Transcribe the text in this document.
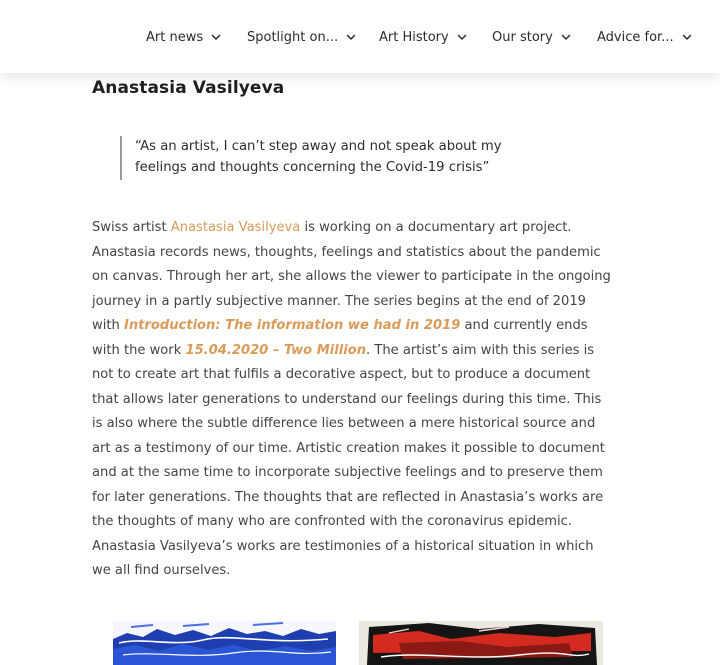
Art news	Spotlight on...	Art History	Our story	Advice for...
Anastasia Vasilyeva
“As an artist, I can’t step away and not speak about my
feelings and thoughts concerning the Covid-19 crisis”

Swiss artist Anastasia Vasilyeva is working on a documentary art project. Anastasia records news, thoughts, feelings and statistics about the pandemic on canvas. Through her art, she allows the viewer to participate in the ongoing journey in a partly subjective manner. The series begins at the end of 2019 with Introduction: The information we had in 2019 and currently ends with the work 15.04.2020 – Two Million. The artist’s aim with this series is not to create art that fulfils a decorative aspect, but to produce a document that allows later generations to understand our feelings during this time. This is also where the subtle difference lies between a mere historical source and art as a testimony of our time. Artistic creation makes it possible to document and at the same time to incorporate subjective feelings and to preserve them for later generations. The thoughts that are reflected in Anastasia’s works are the thoughts of many who are confronted with the coronavirus epidemic. Anastasia Vasilyeva’s works are testimonies of a historical situation in which we all find ourselves.
